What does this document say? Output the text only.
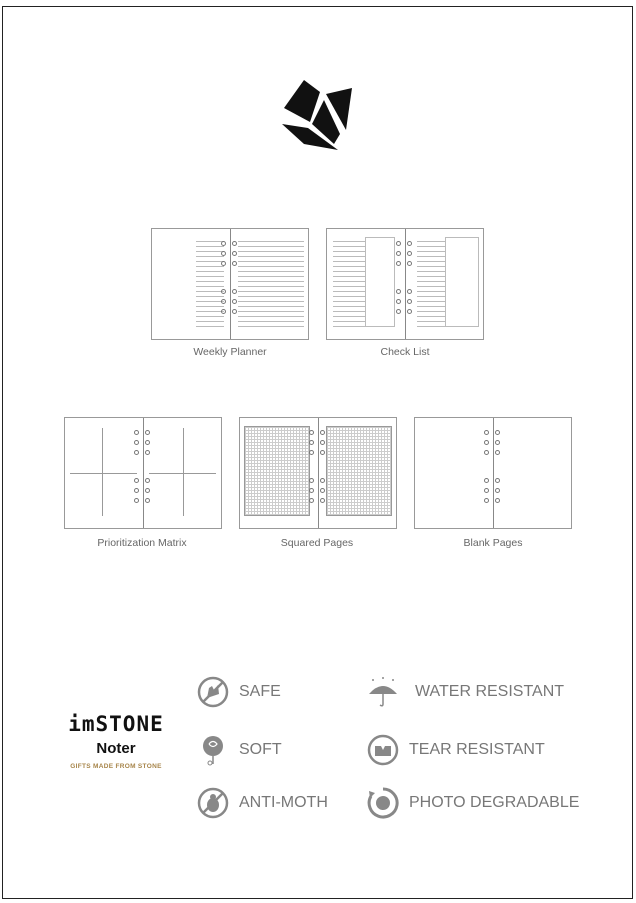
Weekly Planner	Check List
Prioritization Matrix	Squared Pages	Blank Pages
imSTONE
Noter
GIFTS MADE FROM STONE
SAFE	WATER RESISTANT
SOFT	TEAR RESISTANT
ANTI-MOTH	PHOTO DEGRADABLE
